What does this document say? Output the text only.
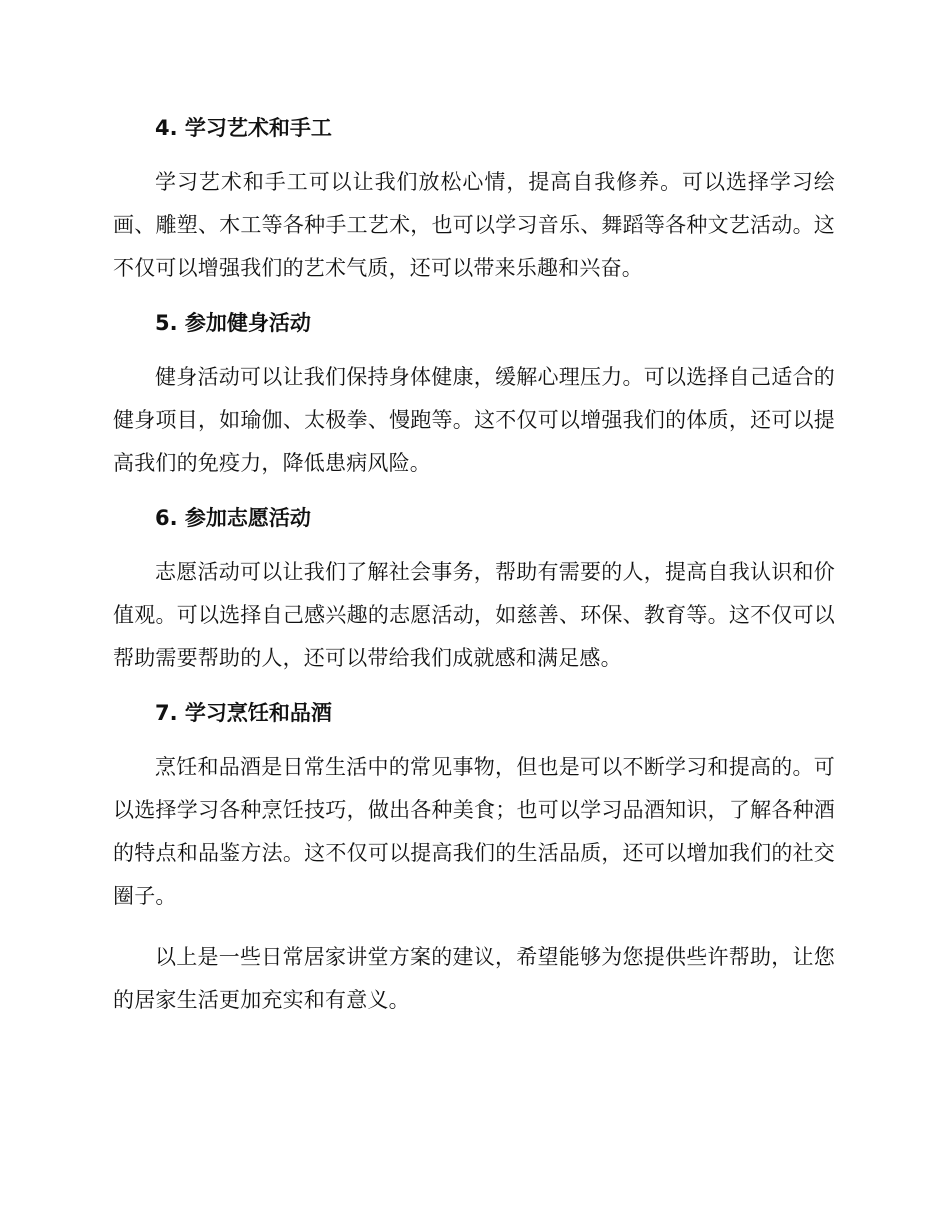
4. 学习艺术和手工

学习艺术和手工可以让我们放松心情，提高自我修养。可以选择学习绘画、雕塑、木工等各种手工艺术，也可以学习音乐、舞蹈等各种文艺活动。这不仅可以增强我们的艺术气质，还可以带来乐趣和兴奋。

5. 参加健身活动

健身活动可以让我们保持身体健康，缓解心理压力。可以选择自己适合的健身项目，如瑜伽、太极拳、慢跑等。这不仅可以增强我们的体质，还可以提高我们的免疫力，降低患病风险。

6. 参加志愿活动

志愿活动可以让我们了解社会事务，帮助有需要的人，提高自我认识和价值观。可以选择自己感兴趣的志愿活动，如慈善、环保、教育等。这不仅可以帮助需要帮助的人，还可以带给我们成就感和满足感。

7. 学习烹饪和品酒

烹饪和品酒是日常生活中的常见事物，但也是可以不断学习和提高的。可以选择学习各种烹饪技巧，做出各种美食；也可以学习品酒知识，了解各种酒的特点和品鉴方法。这不仅可以提高我们的生活品质，还可以增加我们的社交圈子。

以上是一些日常居家讲堂方案的建议，希望能够为您提供些许帮助，让您的居家生活更加充实和有意义。
